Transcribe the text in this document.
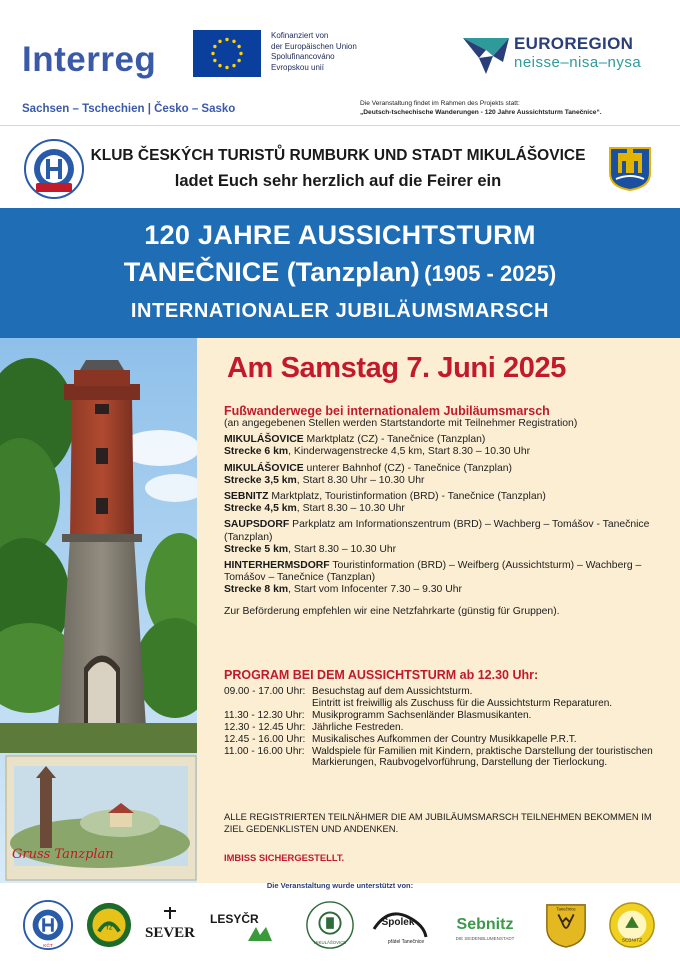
Interreg
Kofinanziert von
der Europäischen Union
Spolufinancováno
Evropskou unií
EUROREGION
neisse–nisa–nysa
Sachsen – Tschechien | Česko – Sasko	Die Veranstaltung findet im Rahmen des Projekts statt:
„Deutsch-tschechische Wanderungen - 120 Jahre Aussichtsturm Tanečnice“.
KLUB ČESKÝCH TURISTŮ RUMBURK UND STADT MIKULÁŠOVICE
ladet Euch sehr herzlich auf die Feirer ein
120 JAHRE AUSSICHTSTURM
TANEČNICE (Tanzplan) (1905 - 2025)
INTERNATIONALER JUBILÄUMSMARSCH
Gruss Tanzplan
Am Samstag 7. Juni 2025
Fußwanderwege bei internationalem Jubiläumsmarsch
(an angegebenen Stellen werden Startstandorte mit Teilnehmer Registration)
MIKULÁŠOVICE Marktplatz (CZ) - Tanečnice (Tanzplan)
Strecke 6 km, Kinderwagenstrecke 4,5 km, Start 8.30 – 10.30 Uhr
MIKULÁŠOVICE unterer Bahnhof (CZ) - Tanečnice (Tanzplan)
Strecke 3,5 km, Start 8.30 Uhr – 10.30 Uhr
SEBNITZ Marktplatz, Touristinformation (BRD) - Tanečnice (Tanzplan)
Strecke 4,5 km, Start 8.30 – 10.30 Uhr
SAUPSDORF Parkplatz am Informationszentrum (BRD) – Wachberg – Tomášov - Tanečnice (Tanzplan)
Strecke 5 km, Start 8.30 – 10.30 Uhr
HINTERHERMSDORF Touristinformation (BRD) – Weifberg (Aussichtsturm) – Wachberg – Tomášov – Tanečnice (Tanzplan)
Strecke 8 km, Start vom Infocenter 7.30 – 9.30 Uhr
Zur Beförderung empfehlen wir eine Netzfahrkarte (günstig für Gruppen).
PROGRAM BEI DEM AUSSICHTSTURM ab 12.30 Uhr:
09.00 - 17.00 Uhr: Besuchstag auf dem Aussichtsturm.
Eintritt ist freiwillig als Zuschuss für die Aussichtsturm Reparaturen.
11.30 - 12.30 Uhr: Musikprogramm Sachsenländer Blasmusikanten.
12.30 - 12.45 Uhr: Jährliche Festreden.
12.45 - 16.00 Uhr: Musikalisches Aufkommen der Country Musikkapelle P.R.T.
11.00 - 16.00 Uhr: Waldspiele für Familien mit Kindern, praktische Darstellung der touristischen Markierungen, Raubvogelvorführung, Darstellung der Tierlockung.
ALLE REGISTRIERTEN TEILNÄHMER DIE AM JUBILÄUMSMARSCH TEILNEHMEN BEKOMMEN IM ZIEL GEDENKLISTEN UND ANDENKEN.
IMBISS SICHERGESTELLT.
Die Veranstaltung wurde unterstützt von:
KČT
TZ SEVER
LESYČR
MIKULÁŠOVICE
Spolek
přátel Tanečnice
Sebnitz
DIE SEIDENBLUMENSTADT
Tanečnice
SEBNITZ
